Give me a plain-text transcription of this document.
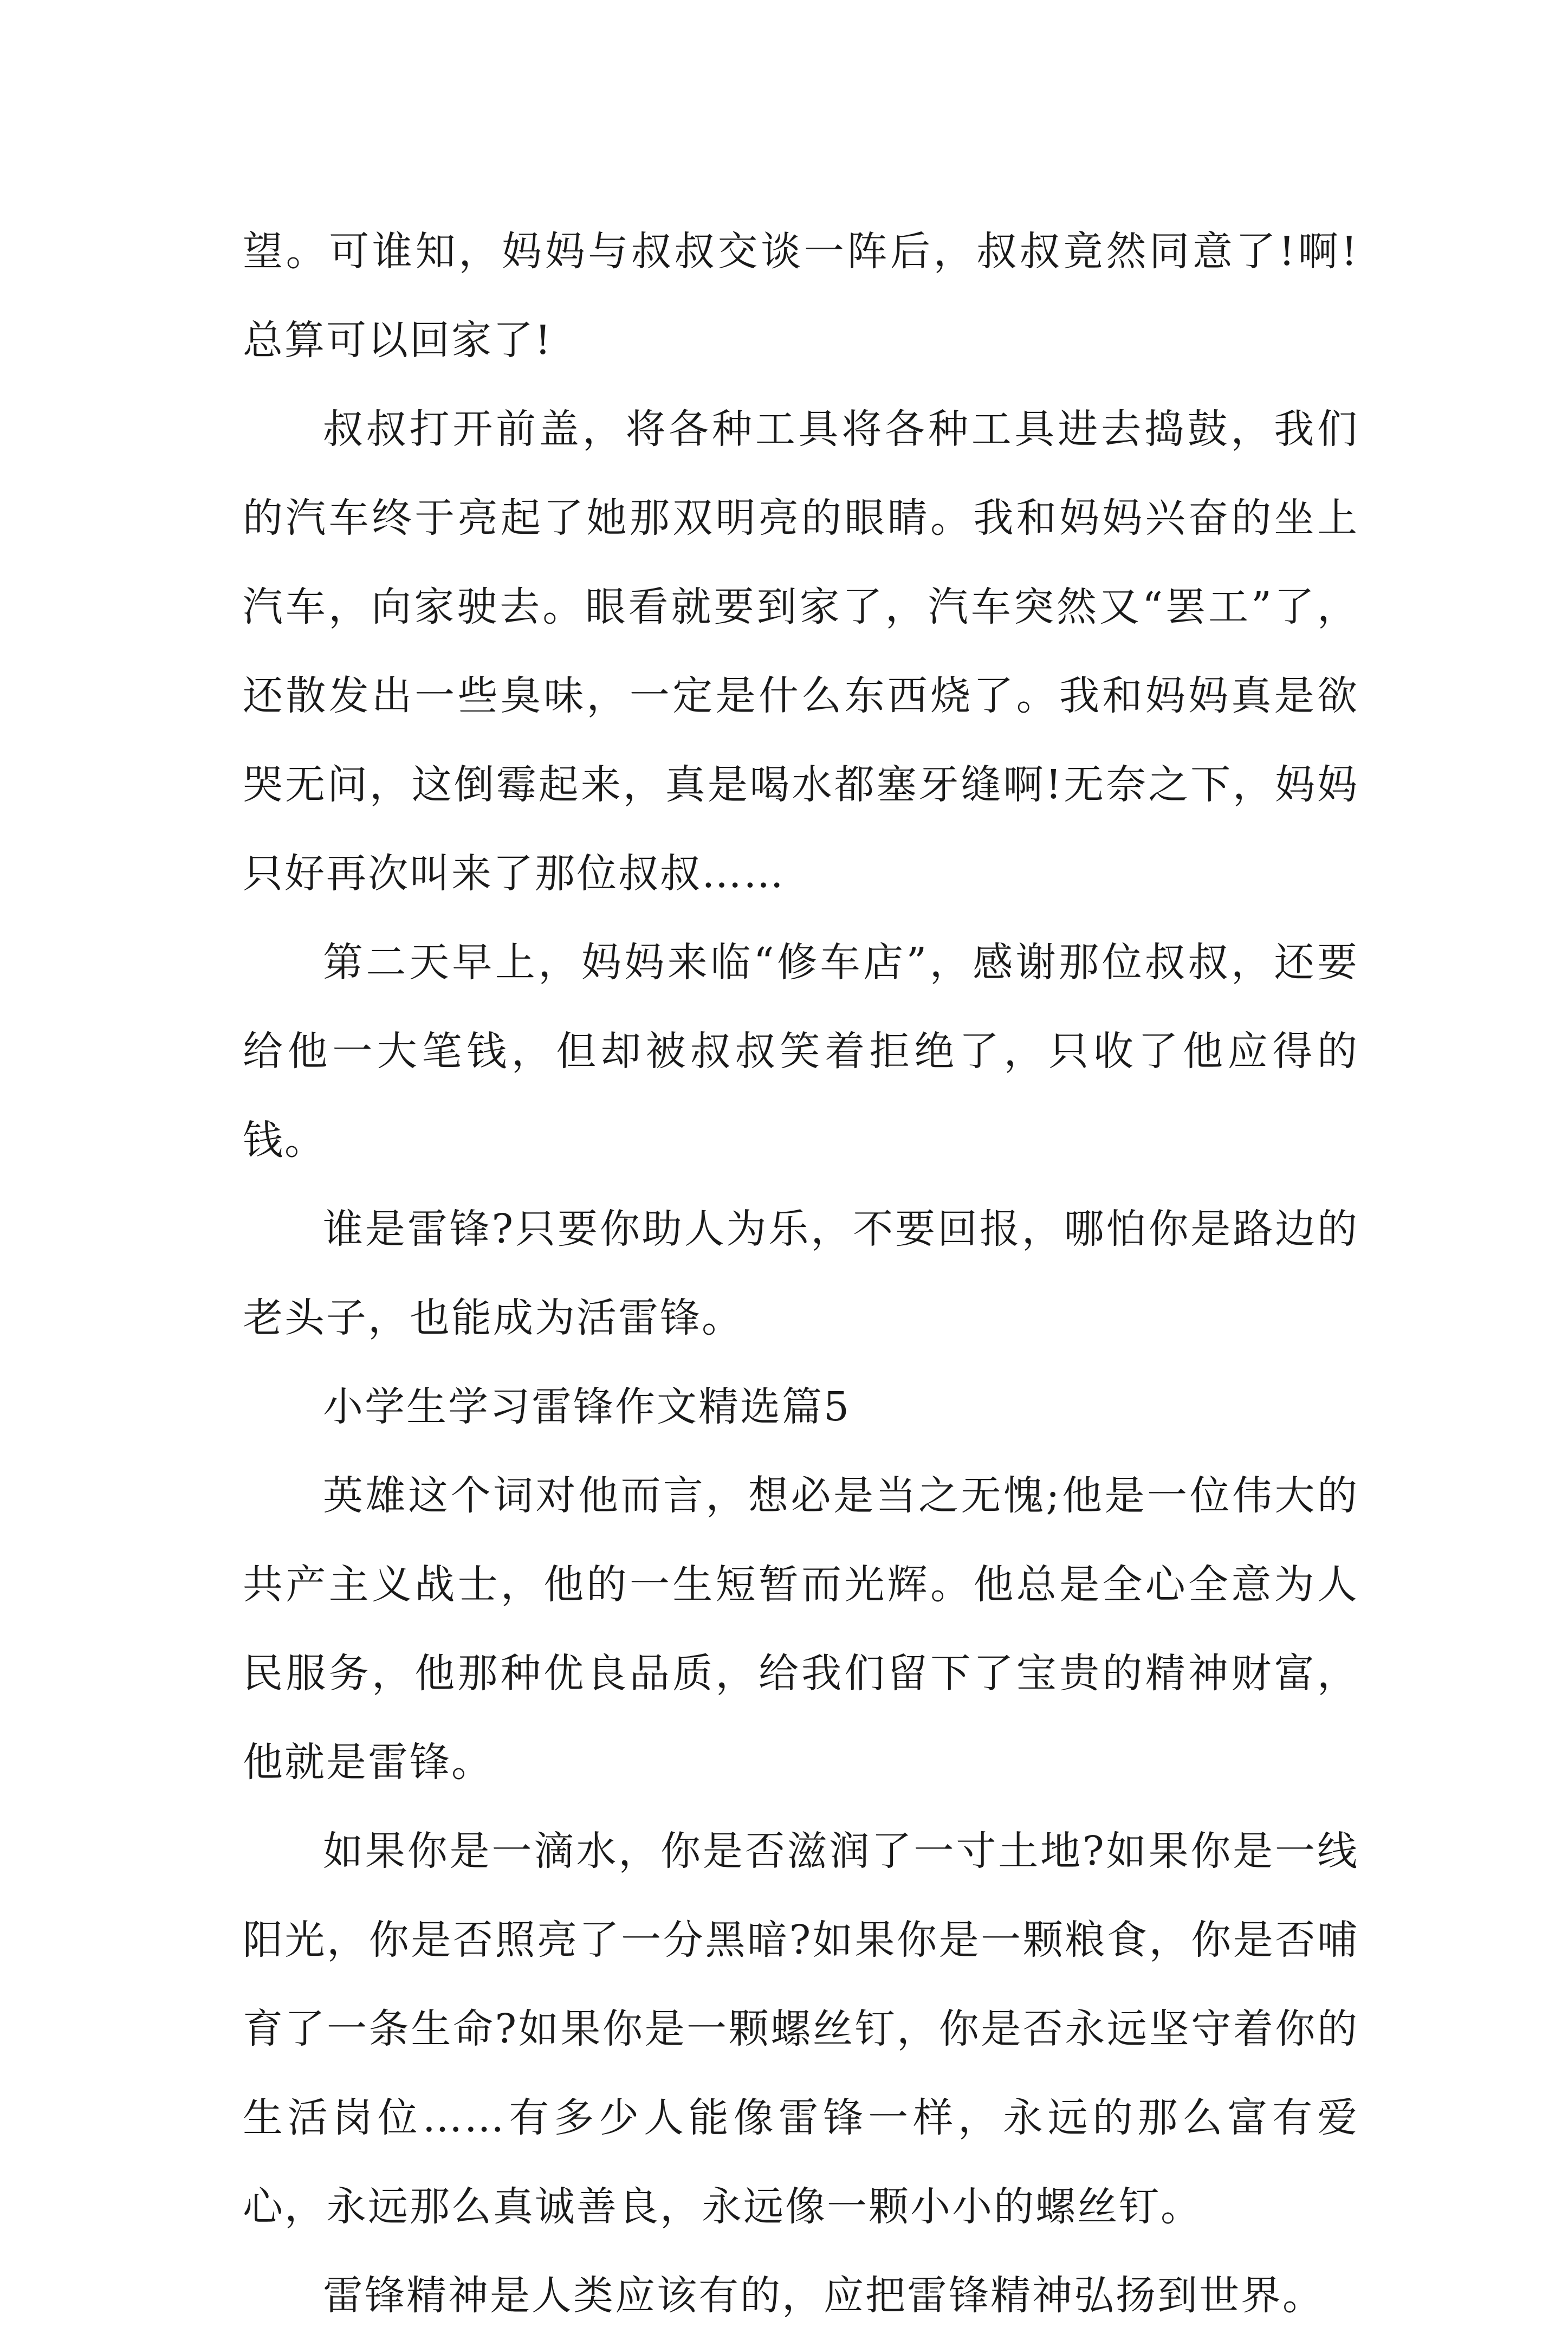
望。可谁知，妈妈与叔叔交谈一阵后，叔叔竟然同意了!啊!总算可以回家了!

叔叔打开前盖，将各种工具将各种工具进去捣鼓，我们的汽车终于亮起了她那双明亮的眼睛。我和妈妈兴奋的坐上汽车，向家驶去。眼看就要到家了，汽车突然又“罢工”了，还散发出一些臭味，一定是什么东西烧了。我和妈妈真是欲哭无问，这倒霉起来，真是喝水都塞牙缝啊!无奈之下，妈妈只好再次叫来了那位叔叔……

第二天早上，妈妈来临“修车店”，感谢那位叔叔，还要给他一大笔钱，但却被叔叔笑着拒绝了，只收了他应得的钱。

谁是雷锋?只要你助人为乐，不要回报，哪怕你是路边的老头子，也能成为活雷锋。

小学生学习雷锋作文精选篇5

英雄这个词对他而言，想必是当之无愧;他是一位伟大的共产主义战士，他的一生短暂而光辉。他总是全心全意为人民服务，他那种优良品质，给我们留下了宝贵的精神财富，他就是雷锋。

如果你是一滴水，你是否滋润了一寸土地?如果你是一线阳光，你是否照亮了一分黑暗?如果你是一颗粮食，你是否哺育了一条生命?如果你是一颗螺丝钉，你是否永远坚守着你的生活岗位……有多少人能像雷锋一样，永远的那么富有爱心，永远那么真诚善良，永远像一颗小小的螺丝钉。

雷锋精神是人类应该有的，应把雷锋精神弘扬到世界。
